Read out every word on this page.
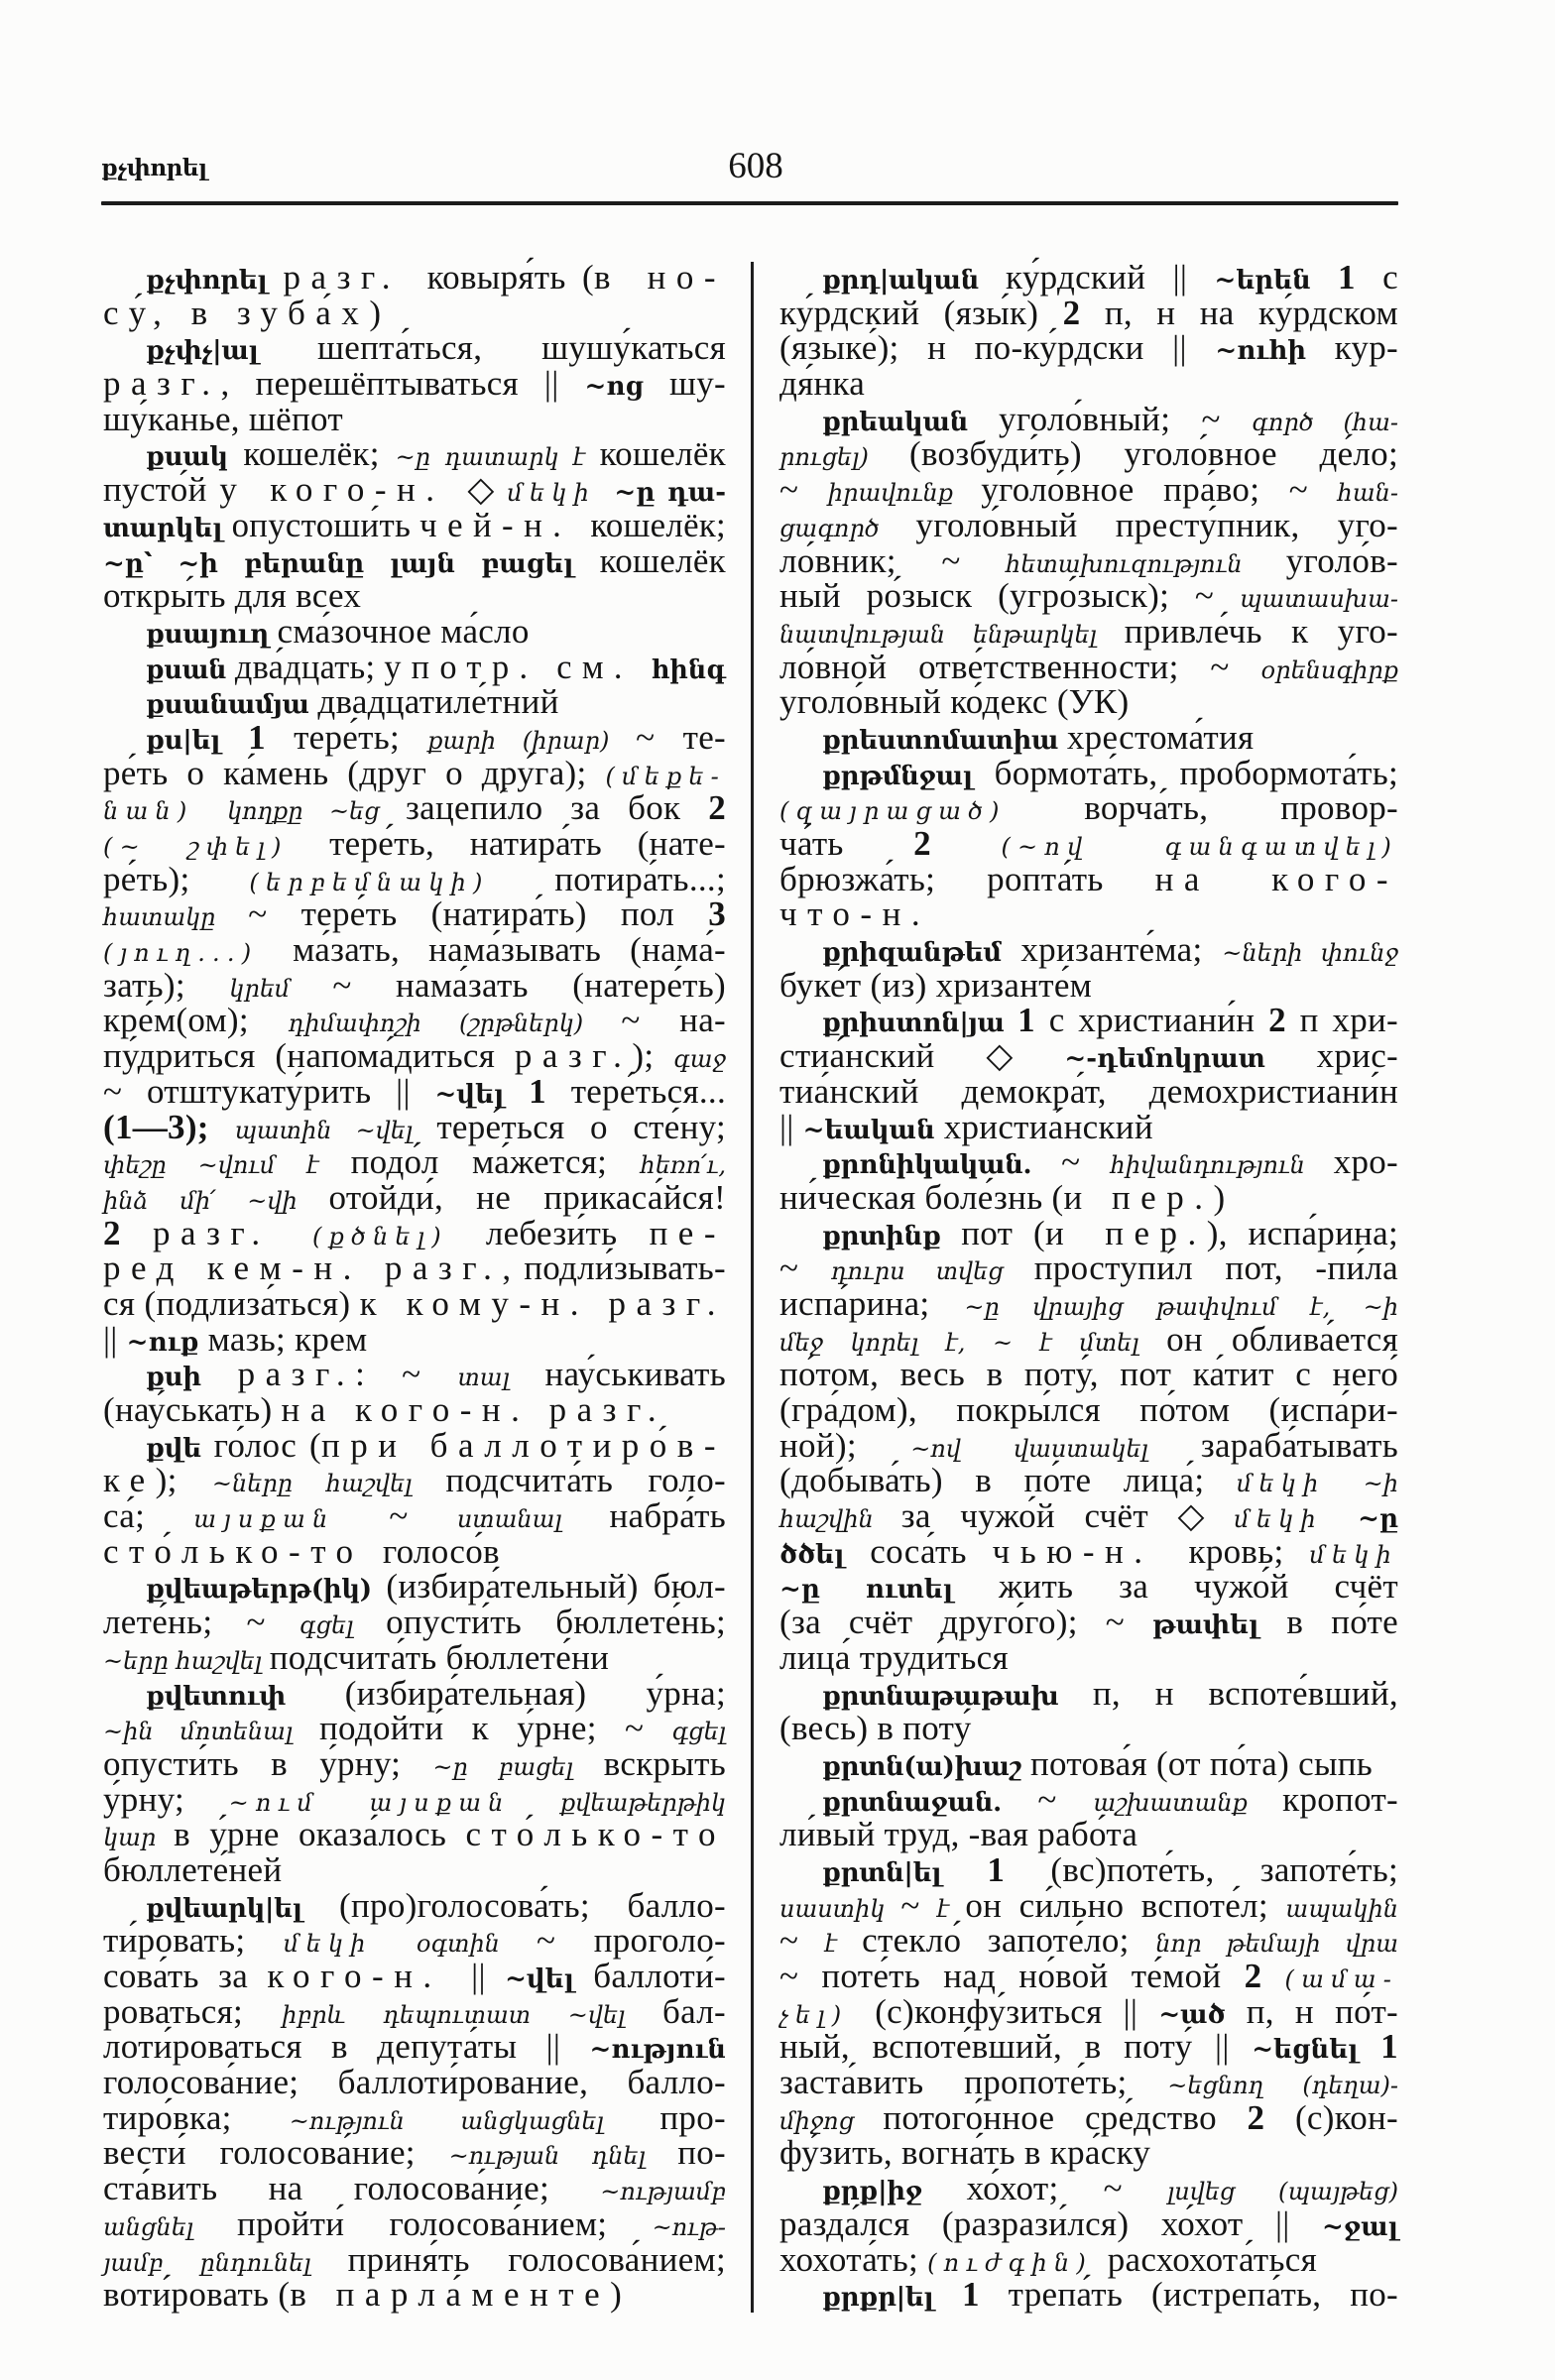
քչփորել	608
քչփորել разг. ковыря́ть (в но-
су́, в зуба́х)
քչփչ|ալ шепта́ться, шушу́каться
разг., перешёптываться || ~ոց шу-
шу́канье, шёпот
քսակ кошелёк; ~ը դատարկ է кошелёк
пусто́й у кого-н. ◇ մեկի ~ը դա-
տարկել опустоши́ть чей-н. кошелёк;
~ը՝ ~ի բերանը լայն բացել кошелёк
откры́ть для всех
քսայուղ сма́зочное ма́сло
քսան два́дцать; употр. см. հինգ
քսանամյա двадцатиле́тний
քս|ել 1 тере́ть; քարի (իրար) ~ те-
ре́ть о ка́мень (друг о дру́га); (մեքե-
նան) կողքը ~եց зацепи́ло за бок 2
(~ շփել) тере́ть, натира́ть (нате-
ре́ть); (երբեմնակի) потира́ть...;
հատակը ~ тере́ть (натира́ть) пол 3
(յուղ...) ма́зать, нама́зывать (нама́-
зать); կրեմ ~ нама́зать (натере́ть)
кре́м(ом); դիմափոշի (շրթներկ) ~ на-
пу́дриться (напома́диться разг.); գաջ
~ отштукату́рить || ~վել 1 тере́ться...
(1—3); պատին ~վել тере́ться о сте́ну;
փեշը ~վում է подо́л ма́жется; հեռո՛ւ,
ինձ մի՛ ~վի отойди́, не прикаса́йся!
2 разг. (քծնել) лебези́ть пе-
ред кем-н. разг., подли́зывать-
ся (подлиза́ться) к кому-н. разг.
|| ~ուք мазь; крем
քսի разг.: ~ տալ нау́ськивать
(нау́ськать) на кого-н. разг.
քվե го́лос (при баллотиро́в-
ке); ~ները հաշվել подсчита́ть голо-
са́; այսքան ~ ստանալ набра́ть
сто́лько-то голосо́в
քվեաթերթ(իկ) (избира́тельный) бюл-
лете́нь; ~ գցել опусти́ть бюллете́нь;
~երը հաշվել подсчита́ть бюллете́ни
քվետուփ (избира́тельная) у́рна;
~ին մոտենալ подойти́ к у́рне; ~ գցել
опусти́ть в у́рну; ~ը բացել вскрыть
у́рну; ~ում այսքան քվեաթերթիկ
կար в у́рне оказа́лось сто́лько-то
бюллете́ней
քվեարկ|ել (про)голосова́ть; балло-
ти́ровать; մեկի օգտին ~ проголо-
сова́ть за кого-н. || ~վել баллоти́-
роваться; իբրև դեպուտատ ~վել бал-
лоти́роваться в депута́ты || ~ություն
голосова́ние; баллоти́рование, балло-
тиро́вка; ~ություն անցկացնել про-
вести́ голосова́ние; ~ության դնել по-
ста́вить на голосова́ние; ~ությամբ
անցնել пройти́ голосова́нием; ~ութ-
յամբ ընդունել приня́ть голосова́нием;
воти́ровать (в парла́менте)
քրդ|ական ку́рдский || ~երեն 1 с
ку́рдский (язы́к) 2 п, н на ку́рдском
(языке́); н по-ку́рдски || ~ուհի кур-
дя́нка
քրեական уголо́вный; ~ գործ (հա-
րուցել) (возбуди́ть) уголо́вное де́ло;
~ իրավունք уголо́вное пра́во; ~ հան-
ցագործ уголо́вный престу́пник, уго-
ло́вник; ~ հետախուզություն уголо́в-
ный ро́зыск (угро́зыск); ~ պատասխա-
նատվության ենթարկել привле́чь к уго-
ло́вной отве́тственности; ~ օրենսգիրք
уголо́вный ко́декс (УК)
քրեստոմատիա хрестома́тия
քրթմնջալ бормота́ть, пробормота́ть;
(զայրացած) ворча́ть, провор-
ча́ть 2 (~ով գանգատվել)
брюзжа́ть; ропта́ть на кого-
что-н.
քրիզանթեմ хризанте́ма; ~ների փունջ
буке́т (из) хризанте́м
քրիստոն|յա 1 с христиани́н 2 п хри-
стиа́нский ◇ ~-դեմոկրատ хрис-
тиа́нский демокра́т, демохристиани́н
|| ~եական христиа́нский
քրոնիկական. ~ հիվանդություն хро-
ни́ческая боле́знь (и пер.)
քրտինք пот (и пер.), испа́рина;
~ դուրս տվեց проступи́л пот, -пи́ла
испа́рина; ~ը վրայից թափվում է, ~ի
մեջ կորել է, ~ է մտել он облива́ется
по́том, весь в поту́, пот ка́тит с него́
(гра́дом), покры́лся по́том (испа́ри-
ной); ~ով վաստակել зараба́тывать
(добыва́ть) в по́те лица́; մեկի ~ի
հաշվին за чужо́й счёт ◇ մեկի ~ը
ծծել соса́ть чью-н. кровь; մեկի
~ը ուտել жить за чужо́й счёт
(за счёт друго́го); ~ թափել в по́те
лица́ труди́ться
քրտնաթաթախ п, н вспоте́вший,
(весь) в поту́
քրտն(ա)խաշ потова́я (от по́та) сыпь
քրտնաջան. ~ աշխատանք кропот-
ли́вый труд, -вая рабо́та
քրտն|ել 1 (вс)поте́ть, запоте́ть;
սաստիկ ~ է он си́льно вспоте́л; ապակին
~ է стекло́ запоте́ло; նոր թեմայի վրա
~ поте́ть над но́вой те́мой 2 (ամա-
չել) (с)конфу́зиться || ~ած п, н по́т-
ный, вспоте́вший, в поту́ || ~եցնել 1
заста́вить пропоте́ть; ~եցնող (դեղա)-
միջոց потого́нное сре́дство 2 (с)кон-
фу́зить, вогна́ть в кра́ску
քրք|իջ хо́хот; ~ լսվեց (պայթեց)
разда́лся (разрази́лся) хо́хот || ~ջալ
хохота́ть; (ուժգին) расхохота́ться
քրքր|ել 1 трепа́ть (истрепа́ть, по-
